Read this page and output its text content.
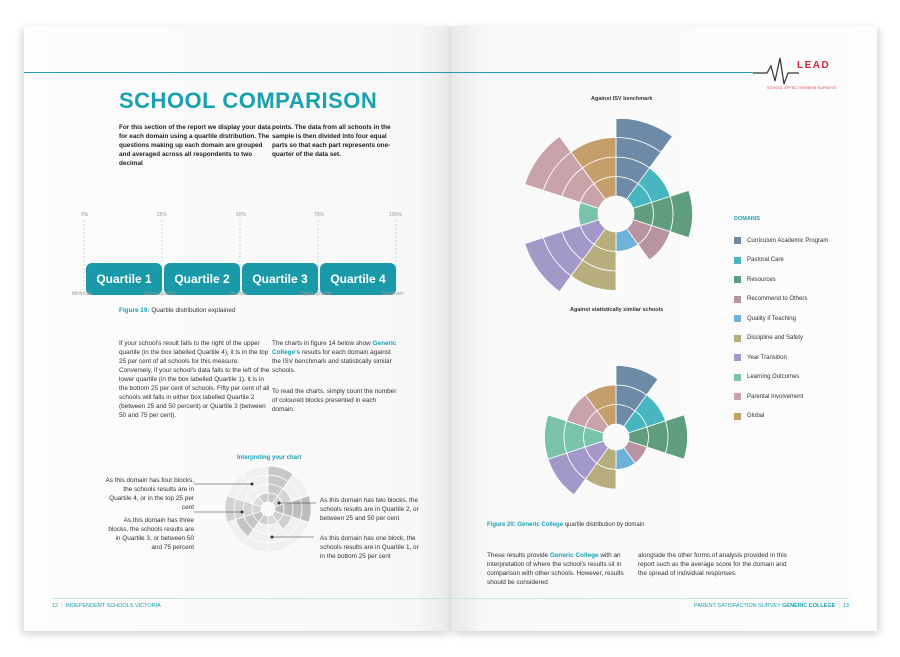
SCHOOL COMPARISON
For this section of the report we display your data for each domain using a quartile distribution. The questions making up each domain are grouped and averaged across all respondents to two decimal
points. The data from all schools in the sample is then divided into four equal parts so that each part represents one-quarter of the data set.
0%	25%	50%	75%	100%
Quartile 1	Quartile 2	Quartile 3	Quartile 4
Minimum	Lower quartile	Median	Upper quartile	Maximum
Figure 19: Quartile distribution explained
If your school's result falls to the right of the upper quartile (in the box labelled Quartile 4), it is in the top 25 per cent of all schools for this measure. Conversely, if your school's data falls to the left of the lower quartile (in the box labelled Quartile 1), it is in the bottom 25 per cent of schools. Fifty per cent of all schools will falls in either box labelled Quartile 2 (between 25 and 50 percent) or Quartile 3 (between 50 and 75 per cent).
The charts in figure 14 below show Generic College's results for each domain against the ISV benchmark and statistically similar schools.
To read the charts, simply count the number of coloured blocks presented in each domain.
Interpreting your chart
As this domain has four blocks, the schools results are in Quartile 4, or in the top 25 per cent
As this domain has three blocks, the schools results are in Quartile 3, or between 50 and 75 percent
As this domain has two blocks, the schools results are in Quartile 2, or between 25 and 50 per cent
As this domain has one block, the schools results are in Quartile 1, or in the bottom 25 per cent
12  |  INDEPENDENT SCHOOLS VICTORIA
LEAD
SCHOOL EFFECTIVENESS SURVEYS
Against ISV benchmark
Against statistically similar schools
DOMAINS
Curriculum Academic Program
Pastoral Care
Resources
Recommend to Others
Quality if Teaching
Discipline and Safety
Year Transition
Learning Outcomes
Parental Involvement
Global
Figure 20: Generic College quartile distribution by domain
These results provide Generic College with an interpretation of where the school's results sit in comparison with other schools. However, results should be considered
alongside the other forms of analysis provided in this report such as the average score for the domain and the spread of individual responses.
PARENT SATISFACTION SURVEY GENERIC COLLEGE  |  13
